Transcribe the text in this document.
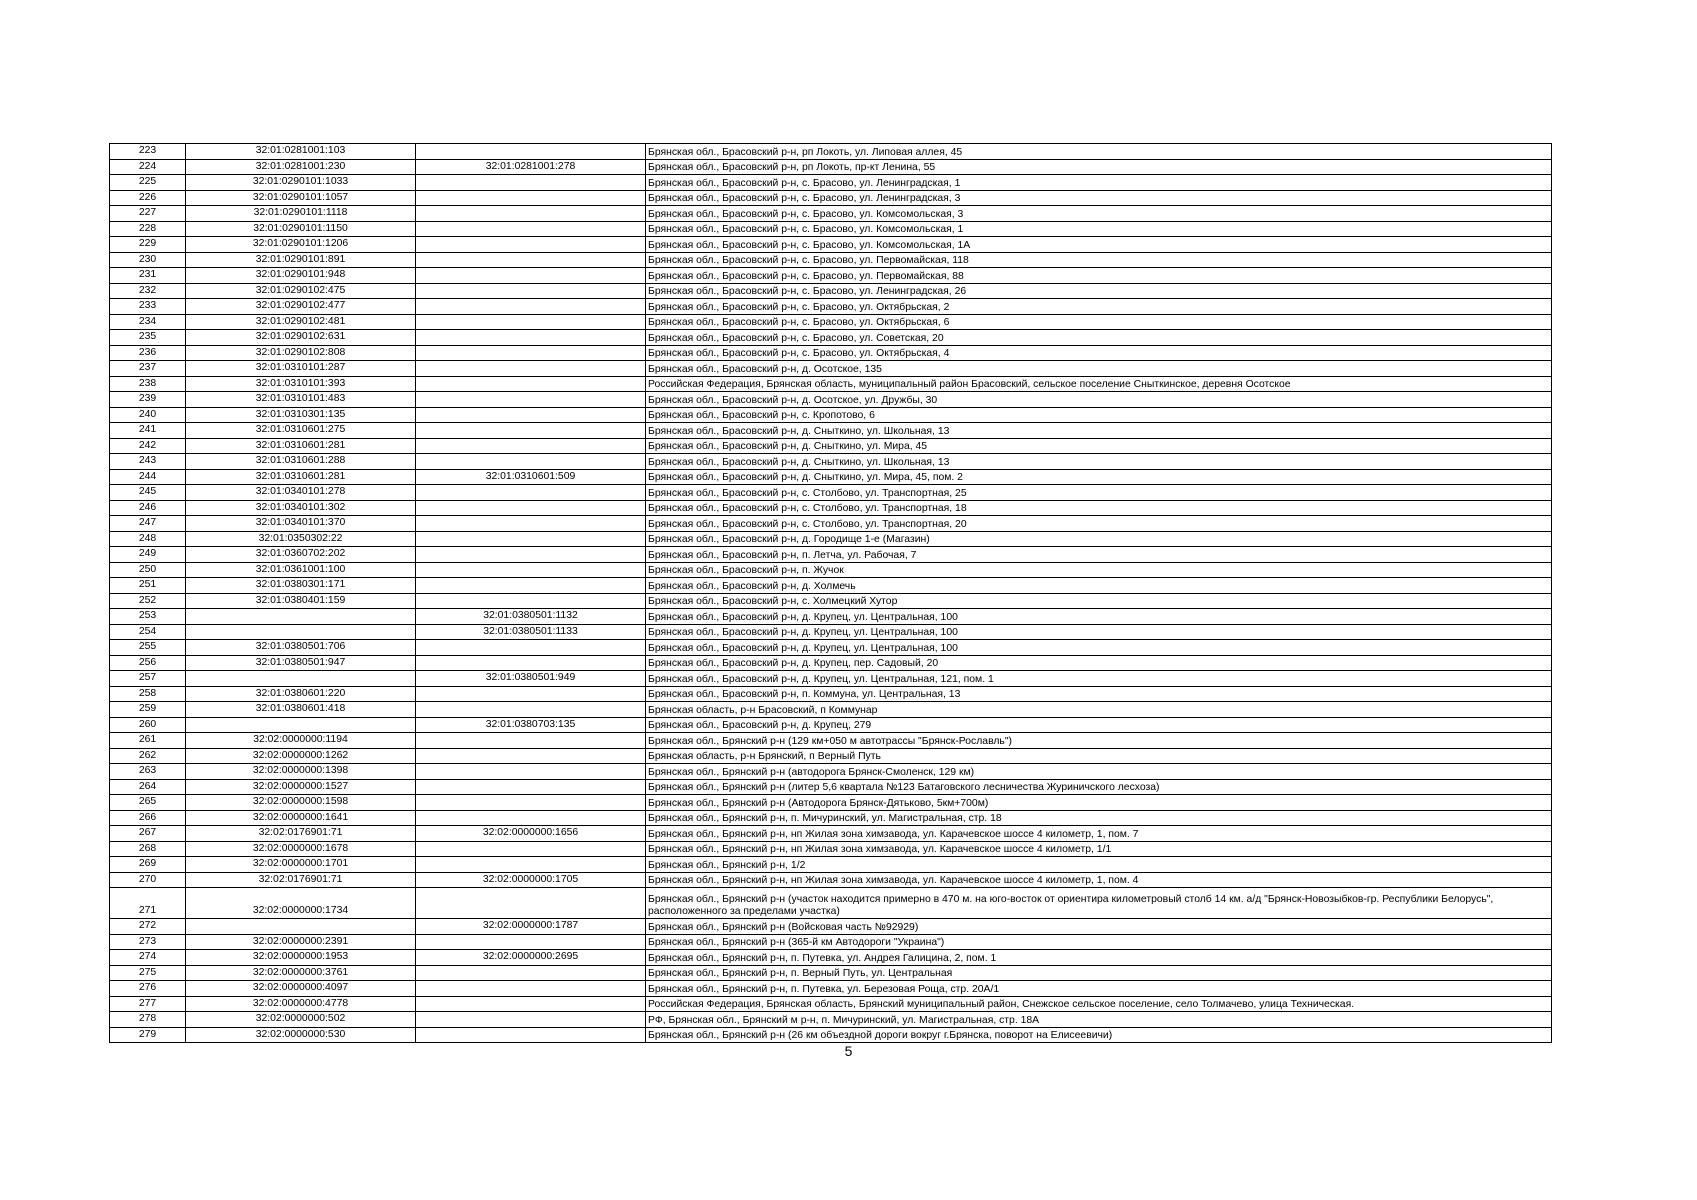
223	32:01:0281001:103		Брянская обл., Брасовский р-н, рп Локоть, ул. Липовая аллея, 45
224	32:01:0281001:230	32:01:0281001:278	Брянская обл., Брасовский р-н, рп Локоть, пр-кт Ленина, 55
225	32:01:0290101:1033		Брянская обл., Брасовский р-н, с. Брасово, ул. Ленинградская, 1
226	32:01:0290101:1057		Брянская обл., Брасовский р-н, с. Брасово, ул. Ленинградская, 3
227	32:01:0290101:1118		Брянская обл., Брасовский р-н, с. Брасово, ул. Комсомольская, 3
228	32:01:0290101:1150		Брянская обл., Брасовский р-н, с. Брасово, ул. Комсомольская, 1
229	32:01:0290101:1206		Брянская обл., Брасовский р-н, с. Брасово, ул. Комсомольская, 1А
230	32:01:0290101:891		Брянская обл., Брасовский р-н, с. Брасово, ул. Первомайская, 118
231	32:01:0290101:948		Брянская обл., Брасовский р-н, с. Брасово, ул. Первомайская, 88
232	32:01:0290102:475		Брянская обл., Брасовский р-н, с. Брасово, ул. Ленинградская, 26
233	32:01:0290102:477		Брянская обл., Брасовский р-н, с. Брасово, ул. Октябрьская, 2
234	32:01:0290102:481		Брянская обл., Брасовский р-н, с. Брасово, ул. Октябрьская, 6
235	32:01:0290102:631		Брянская обл., Брасовский р-н, с. Брасово, ул. Советская, 20
236	32:01:0290102:808		Брянская обл., Брасовский р-н, с. Брасово, ул. Октябрьская, 4
237	32:01:0310101:287		Брянская обл., Брасовский р-н, д. Осотское, 135
238	32:01:0310101:393		Российская Федерация, Брянская область, муниципальный район Брасовский, сельское поселение Сныткинское, деревня Осотское
239	32:01:0310101:483		Брянская обл., Брасовский р-н, д. Осотское, ул. Дружбы, 30
240	32:01:0310301:135		Брянская обл., Брасовский р-н, с. Кропотово, 6
241	32:01:0310601:275		Брянская обл., Брасовский р-н, д. Сныткино, ул. Школьная, 13
242	32:01:0310601:281		Брянская обл., Брасовский р-н, д. Сныткино, ул. Мира, 45
243	32:01:0310601:288		Брянская обл., Брасовский р-н, д. Сныткино, ул. Школьная, 13
244	32:01:0310601:281	32:01:0310601:509	Брянская обл., Брасовский р-н, д. Сныткино, ул. Мира, 45, пом. 2
245	32:01:0340101:278		Брянская обл., Брасовский р-н, с. Столбово, ул. Транспортная, 25
246	32:01:0340101:302		Брянская обл., Брасовский р-н, с. Столбово, ул. Транспортная, 18
247	32:01:0340101:370		Брянская обл., Брасовский р-н, с. Столбово, ул. Транспортная, 20
248	32:01:0350302:22		Брянская обл., Брасовский р-н, д. Городище 1-е (Магазин)
249	32:01:0360702:202		Брянская обл., Брасовский р-н, п. Летча, ул. Рабочая, 7
250	32:01:0361001:100		Брянская обл., Брасовский р-н, п. Жучок
251	32:01:0380301:171		Брянская обл., Брасовский р-н, д. Холмечь
252	32:01:0380401:159		Брянская обл., Брасовский р-н, с. Холмецкий Хутор
253		32:01:0380501:1132	Брянская обл., Брасовский р-н, д. Крупец, ул. Центральная, 100
254		32:01:0380501:1133	Брянская обл., Брасовский р-н, д. Крупец, ул. Центральная, 100
255	32:01:0380501:706		Брянская обл., Брасовский р-н, д. Крупец, ул. Центральная, 100
256	32:01:0380501:947		Брянская обл., Брасовский р-н, д. Крупец, пер. Садовый, 20
257		32:01:0380501:949	Брянская обл., Брасовский р-н, д. Крупец, ул. Центральная, 121, пом. 1
258	32:01:0380601:220		Брянская обл., Брасовский р-н, п. Коммуна, ул. Центральная, 13
259	32:01:0380601:418		Брянская область, р-н Брасовский, п Коммунар
260		32:01:0380703:135	Брянская обл., Брасовский р-н, д. Крупец, 279
261	32:02:0000000:1194		Брянская обл., Брянский р-н (129 км+050 м автотрассы "Брянск-Рославль")
262	32:02:0000000:1262		Брянская область, р-н Брянский, п Верный Путь
263	32:02:0000000:1398		Брянская обл., Брянский р-н (автодорога Брянск-Смоленск, 129 км)
264	32:02:0000000:1527		Брянская обл., Брянский р-н (литер 5,6 квартала №123 Батаговского лесничества Журиничского лесхоза)
265	32:02:0000000:1598		Брянская обл., Брянский р-н (Автодорога Брянск-Дятьково, 5км+700м)
266	32:02:0000000:1641		Брянская обл., Брянский р-н, п. Мичуринский, ул. Магистральная, стр. 18
267	32:02:0176901:71	32:02:0000000:1656	Брянская обл., Брянский р-н, нп Жилая зона химзавода, ул. Карачевское шоссе 4 километр, 1, пом. 7
268	32:02:0000000:1678		Брянская обл., Брянский р-н, нп Жилая зона химзавода, ул. Карачевское шоссе 4 километр, 1/1
269	32:02:0000000:1701		Брянская обл., Брянский р-н, 1/2
270	32:02:0176901:71	32:02:0000000:1705	Брянская обл., Брянский р-н, нп Жилая зона химзавода, ул. Карачевское шоссе 4 километр, 1, пом. 4
271	32:02:0000000:1734		Брянская обл., Брянский р-н (участок находится примерно в 470 м. на юго-восток от ориентира километровый столб 14 км. а/д "Брянск-Новозыбков-гр. Республики Белорусь", расположенного за пределами участка)
272		32:02:0000000:1787	Брянская обл., Брянский р-н (Войсковая часть №92929)
273	32:02:0000000:2391		Брянская обл., Брянский р-н (365-й км Автодороги "Украина")
274	32:02:0000000:1953	32:02:0000000:2695	Брянская обл., Брянский р-н, п. Путевка, ул. Андрея Галицина, 2, пом. 1
275	32:02:0000000:3761		Брянская обл., Брянский р-н, п. Верный Путь, ул. Центральная
276	32:02:0000000:4097		Брянская обл., Брянский р-н, п. Путевка, ул. Березовая Роща, стр. 20А/1
277	32:02:0000000:4778		Российская Федерация, Брянская область, Брянский муниципальный район, Снежское сельское поселение, село Толмачево, улица Техническая.
278	32:02:0000000:502		РФ, Брянская обл., Брянский м р-н, п. Мичуринский, ул. Магистральная, стр. 18А
279	32:02:0000000:530		Брянская обл., Брянский р-н (26 км объездной дороги вокруг г.Брянска, поворот на Елисеевичи)
5
